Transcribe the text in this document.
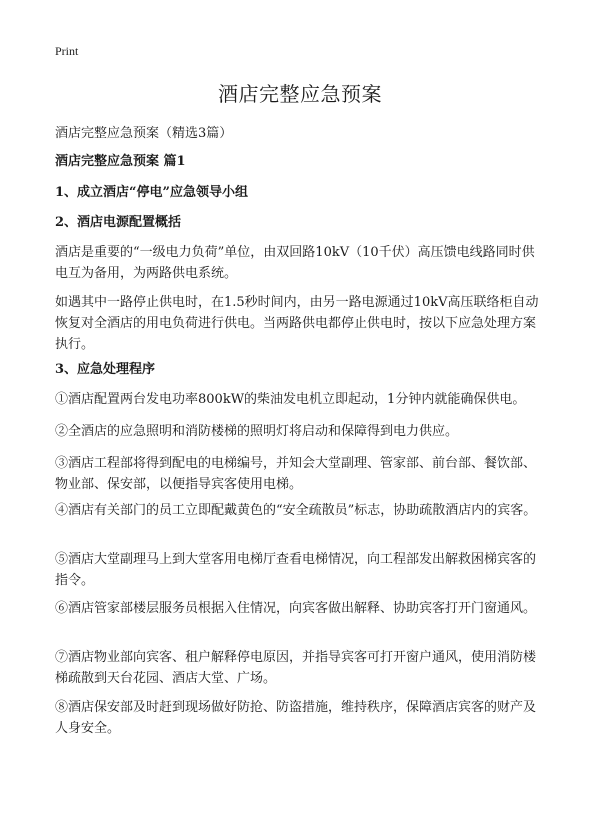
Print
酒店完整应急预案
酒店完整应急预案（精选3篇）
酒店完整应急预案 篇1
1、成立酒店“停电”应急领导小组
2、酒店电源配置概括
酒店是重要的“一级电力负荷”单位，由双回路10kV（10千伏）高压馈电线路同时供电互为备用，为两路供电系统。
如遇其中一路停止供电时，在1.5秒时间内，由另一路电源通过10kV高压联络柜自动恢复对全酒店的用电负荷进行供电。当两路供电都停止供电时，按以下应急处理方案执行。
3、应急处理程序
①酒店配置两台发电功率800kW的柴油发电机立即起动，1分钟内就能确保供电。
②全酒店的应急照明和消防楼梯的照明灯将启动和保障得到电力供应。
③酒店工程部将得到配电的电梯编号，并知会大堂副理、管家部、前台部、餐饮部、物业部、保安部，以便指导宾客使用电梯。
④酒店有关部门的员工立即配戴黄色的“安全疏散员”标志，协助疏散酒店内的宾客。
⑤酒店大堂副理马上到大堂客用电梯厅查看电梯情况，向工程部发出解救困梯宾客的指令。
⑥酒店管家部楼层服务员根据入住情况，向宾客做出解释、协助宾客打开门窗通风。
⑦酒店物业部向宾客、租户解释停电原因，并指导宾客可打开窗户通风，使用消防楼梯疏散到天台花园、酒店大堂、广场。
⑧酒店保安部及时赶到现场做好防抢、防盗措施，维持秩序，保障酒店宾客的财产及人身安全。
